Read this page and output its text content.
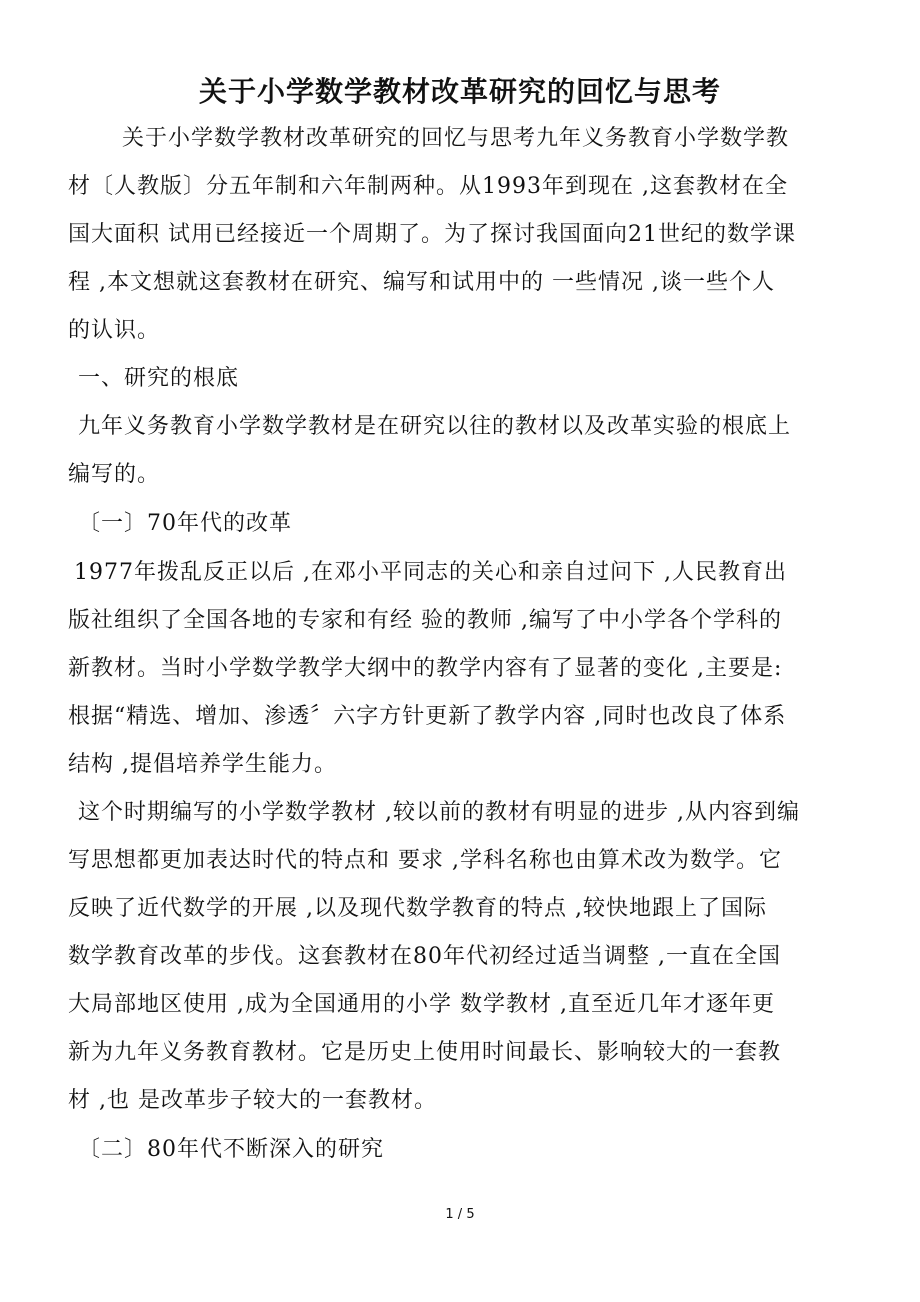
关于小学数学教材改革研究的回忆与思考
关于小学数学教材改革研究的回忆与思考九年义务教育小学数学教
材〔人教版〕分五年制和六年制两种。从1993年到现在 ,这套教材在全
国大面积 试用已经接近一个周期了。为了探讨我国面向21世纪的数学课
程 ,本文想就这套教材在研究、编写和试用中的 一些情况 ,谈一些个人
的认识。
一、研究的根底
九年义务教育小学数学教材是在研究以往的教材以及改革实验的根底上
编写的。
〔一〕70年代的改革
1977年拨乱反正以后 ,在邓小平同志的关心和亲自过问下 ,人民教育出
版社组织了全国各地的专家和有经 验的教师 ,编写了中小学各个学科的
新教材。当时小学数学教学大纲中的教学内容有了显著的变化 ,主要是:
根据“精选、增加、渗透〞六字方针更新了教学内容 ,同时也改良了体系
结构 ,提倡培养学生能力。
这个时期编写的小学数学教材 ,较以前的教材有明显的进步 ,从内容到编
写思想都更加表达时代的特点和 要求 ,学科名称也由算术改为数学。它
反映了近代数学的开展 ,以及现代数学教育的特点 ,较快地跟上了国际
数学教育改革的步伐。这套教材在80年代初经过适当调整 ,一直在全国
大局部地区使用 ,成为全国通用的小学 数学教材 ,直至近几年才逐年更
新为九年义务教育教材。它是历史上使用时间最长、影响较大的一套教
材 ,也 是改革步子较大的一套教材。
〔二〕80年代不断深入的研究
1 / 5
